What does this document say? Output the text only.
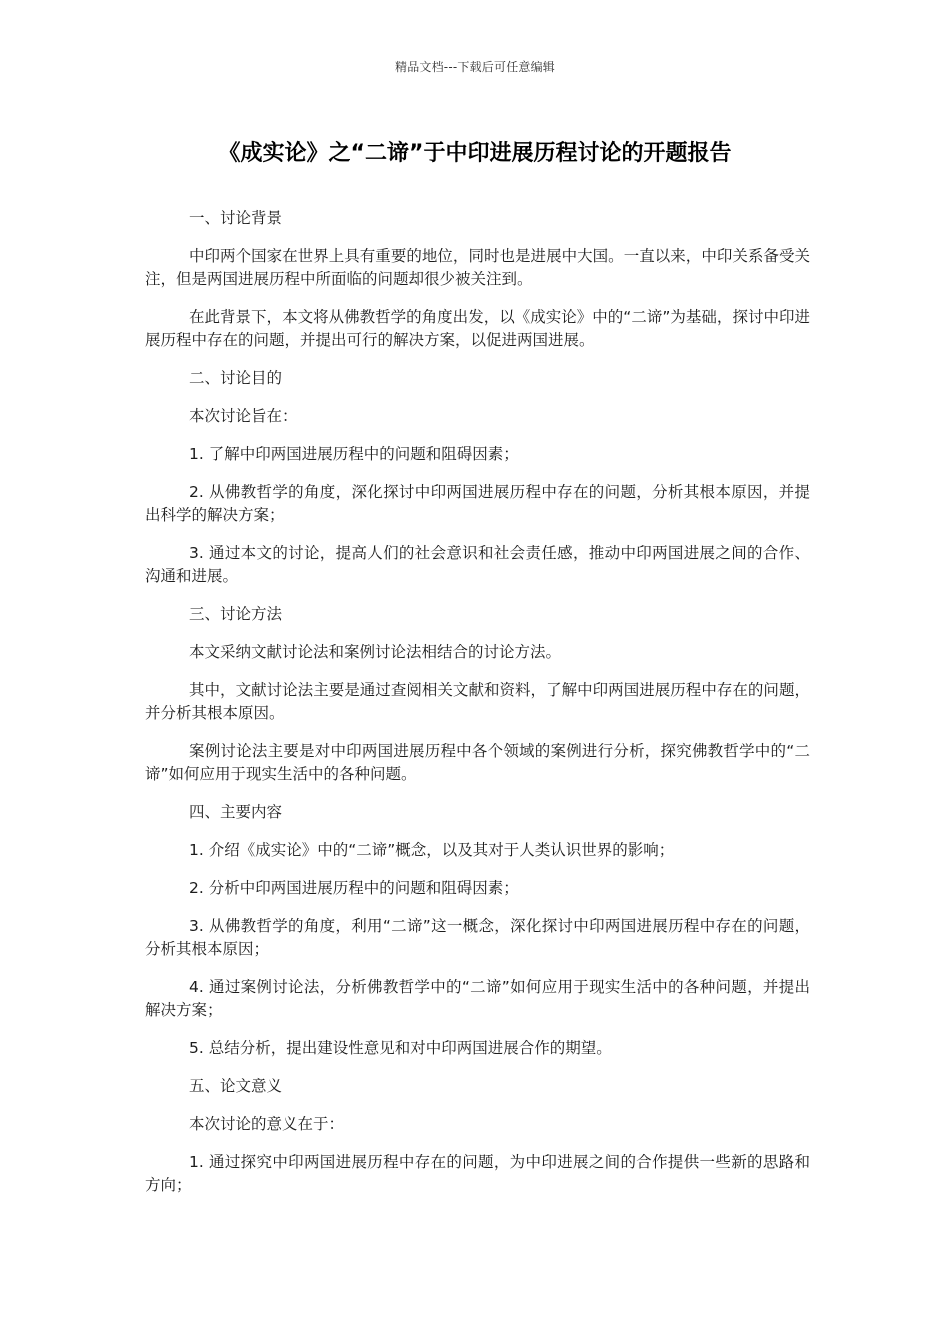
精品文档---下载后可任意编辑
《成实论》之“二谛”于中印进展历程讨论的开题报告

一、讨论背景

中印两个国家在世界上具有重要的地位，同时也是进展中大国。一直以来，中印关系备受关注，但是两国进展历程中所面临的问题却很少被关注到。

在此背景下，本文将从佛教哲学的角度出发，以《成实论》中的“二谛”为基础，探讨中印进展历程中存在的问题，并提出可行的解决方案，以促进两国进展。

二、讨论目的

本次讨论旨在：

1. 了解中印两国进展历程中的问题和阻碍因素；

2. 从佛教哲学的角度，深化探讨中印两国进展历程中存在的问题，分析其根本原因，并提出科学的解决方案；

3. 通过本文的讨论，提高人们的社会意识和社会责任感，推动中印两国进展之间的合作、沟通和进展。

三、讨论方法

本文采纳文献讨论法和案例讨论法相结合的讨论方法。

其中，文献讨论法主要是通过查阅相关文献和资料，了解中印两国进展历程中存在的问题，并分析其根本原因。

案例讨论法主要是对中印两国进展历程中各个领域的案例进行分析，探究佛教哲学中的“二谛”如何应用于现实生活中的各种问题。

四、主要内容

1. 介绍《成实论》中的“二谛”概念，以及其对于人类认识世界的影响；

2. 分析中印两国进展历程中的问题和阻碍因素；

3. 从佛教哲学的角度，利用“二谛”这一概念，深化探讨中印两国进展历程中存在的问题，分析其根本原因；

4. 通过案例讨论法，分析佛教哲学中的“二谛”如何应用于现实生活中的各种问题，并提出解决方案；

5. 总结分析，提出建设性意见和对中印两国进展合作的期望。

五、论文意义

本次讨论的意义在于：

1. 通过探究中印两国进展历程中存在的问题，为中印进展之间的合作提供一些新的思路和方向；
